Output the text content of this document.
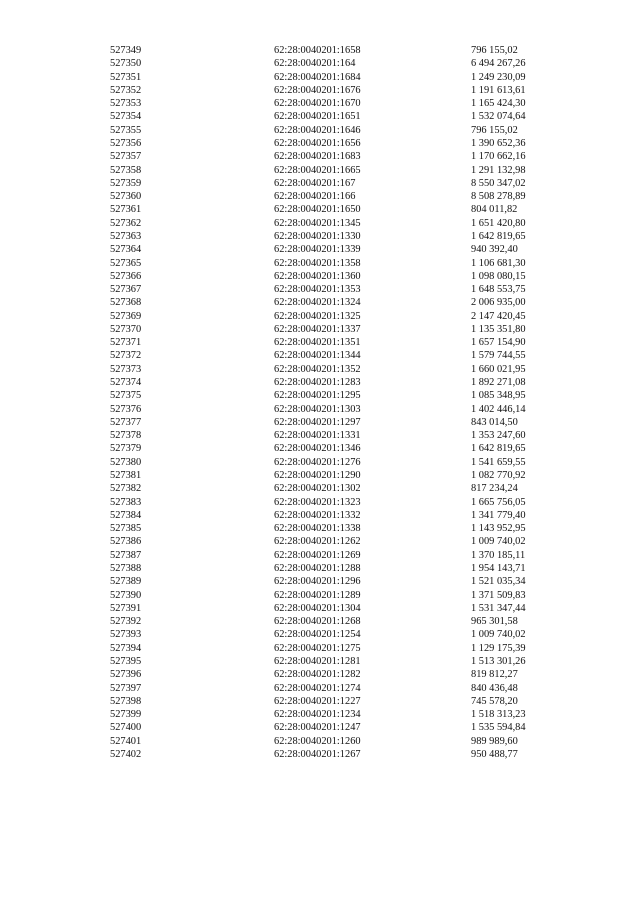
527349	62:28:0040201:1658	796 155,02
527350	62:28:0040201:164	6 494 267,26
527351	62:28:0040201:1684	1 249 230,09
527352	62:28:0040201:1676	1 191 613,61
527353	62:28:0040201:1670	1 165 424,30
527354	62:28:0040201:1651	1 532 074,64
527355	62:28:0040201:1646	796 155,02
527356	62:28:0040201:1656	1 390 652,36
527357	62:28:0040201:1683	1 170 662,16
527358	62:28:0040201:1665	1 291 132,98
527359	62:28:0040201:167	8 550 347,02
527360	62:28:0040201:166	8 508 278,89
527361	62:28:0040201:1650	804 011,82
527362	62:28:0040201:1345	1 651 420,80
527363	62:28:0040201:1330	1 642 819,65
527364	62:28:0040201:1339	940 392,40
527365	62:28:0040201:1358	1 106 681,30
527366	62:28:0040201:1360	1 098 080,15
527367	62:28:0040201:1353	1 648 553,75
527368	62:28:0040201:1324	2 006 935,00
527369	62:28:0040201:1325	2 147 420,45
527370	62:28:0040201:1337	1 135 351,80
527371	62:28:0040201:1351	1 657 154,90
527372	62:28:0040201:1344	1 579 744,55
527373	62:28:0040201:1352	1 660 021,95
527374	62:28:0040201:1283	1 892 271,08
527375	62:28:0040201:1295	1 085 348,95
527376	62:28:0040201:1303	1 402 446,14
527377	62:28:0040201:1297	843 014,50
527378	62:28:0040201:1331	1 353 247,60
527379	62:28:0040201:1346	1 642 819,65
527380	62:28:0040201:1276	1 541 659,55
527381	62:28:0040201:1290	1 082 770,92
527382	62:28:0040201:1302	817 234,24
527383	62:28:0040201:1323	1 665 756,05
527384	62:28:0040201:1332	1 341 779,40
527385	62:28:0040201:1338	1 143 952,95
527386	62:28:0040201:1262	1 009 740,02
527387	62:28:0040201:1269	1 370 185,11
527388	62:28:0040201:1288	1 954 143,71
527389	62:28:0040201:1296	1 521 035,34
527390	62:28:0040201:1289	1 371 509,83
527391	62:28:0040201:1304	1 531 347,44
527392	62:28:0040201:1268	965 301,58
527393	62:28:0040201:1254	1 009 740,02
527394	62:28:0040201:1275	1 129 175,39
527395	62:28:0040201:1281	1 513 301,26
527396	62:28:0040201:1282	819 812,27
527397	62:28:0040201:1274	840 436,48
527398	62:28:0040201:1227	745 578,20
527399	62:28:0040201:1234	1 518 313,23
527400	62:28:0040201:1247	1 535 594,84
527401	62:28:0040201:1260	989 989,60
527402	62:28:0040201:1267	950 488,77
